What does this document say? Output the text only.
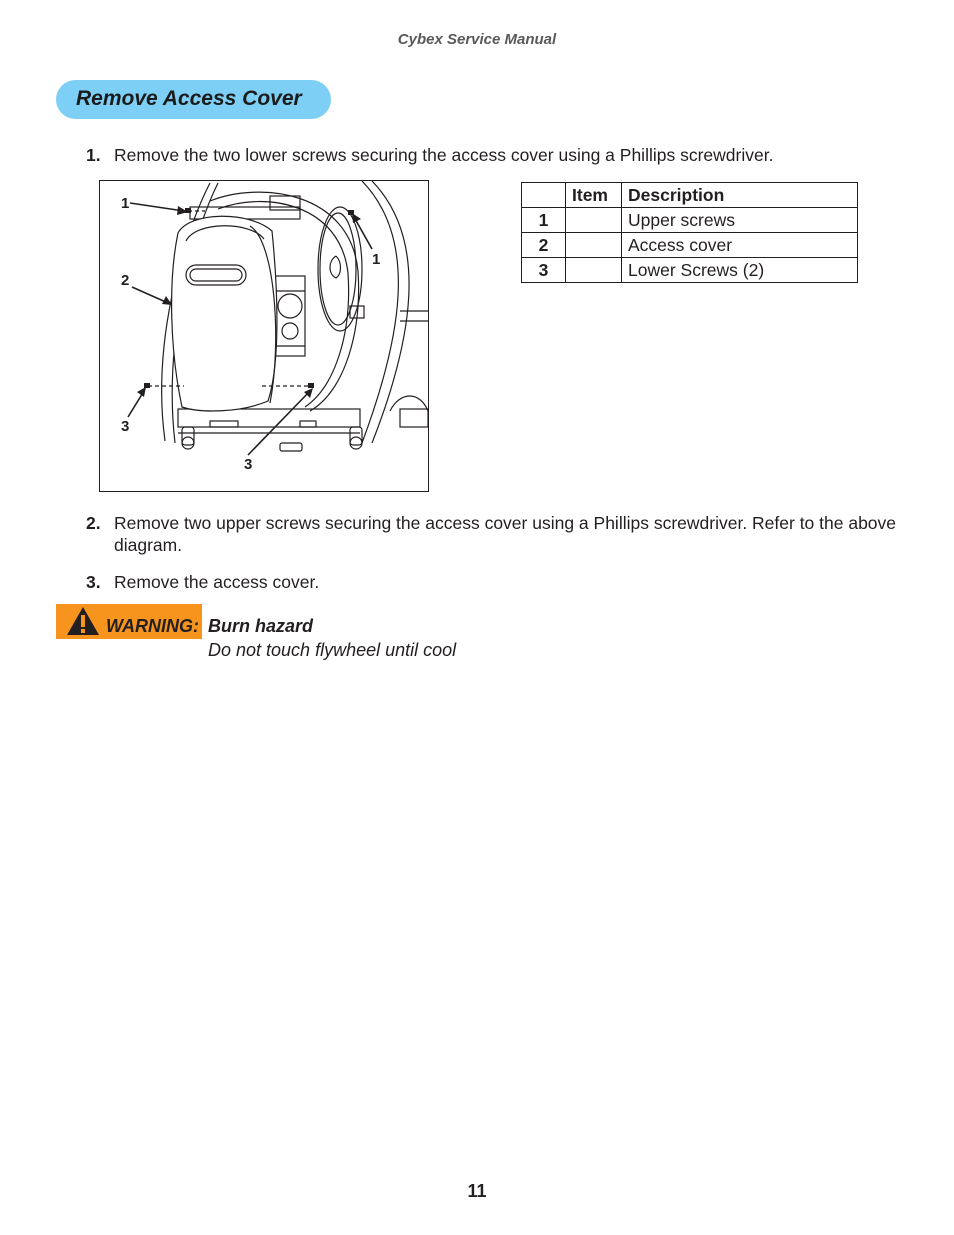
Cybex Service Manual
Remove Access Cover
1. Remove the two lower screws securing the access cover using a Phillips screwdriver.
1
2
3
3
1
	Item	Description
1		Upper screws
2		Access cover
3		Lower Screws (2)
2. Remove two upper screws securing the access cover using a Phillips screwdriver. Refer to the above diagram.
3. Remove the access cover.
WARNING: Burn hazard
Do not touch flywheel until cool
11
